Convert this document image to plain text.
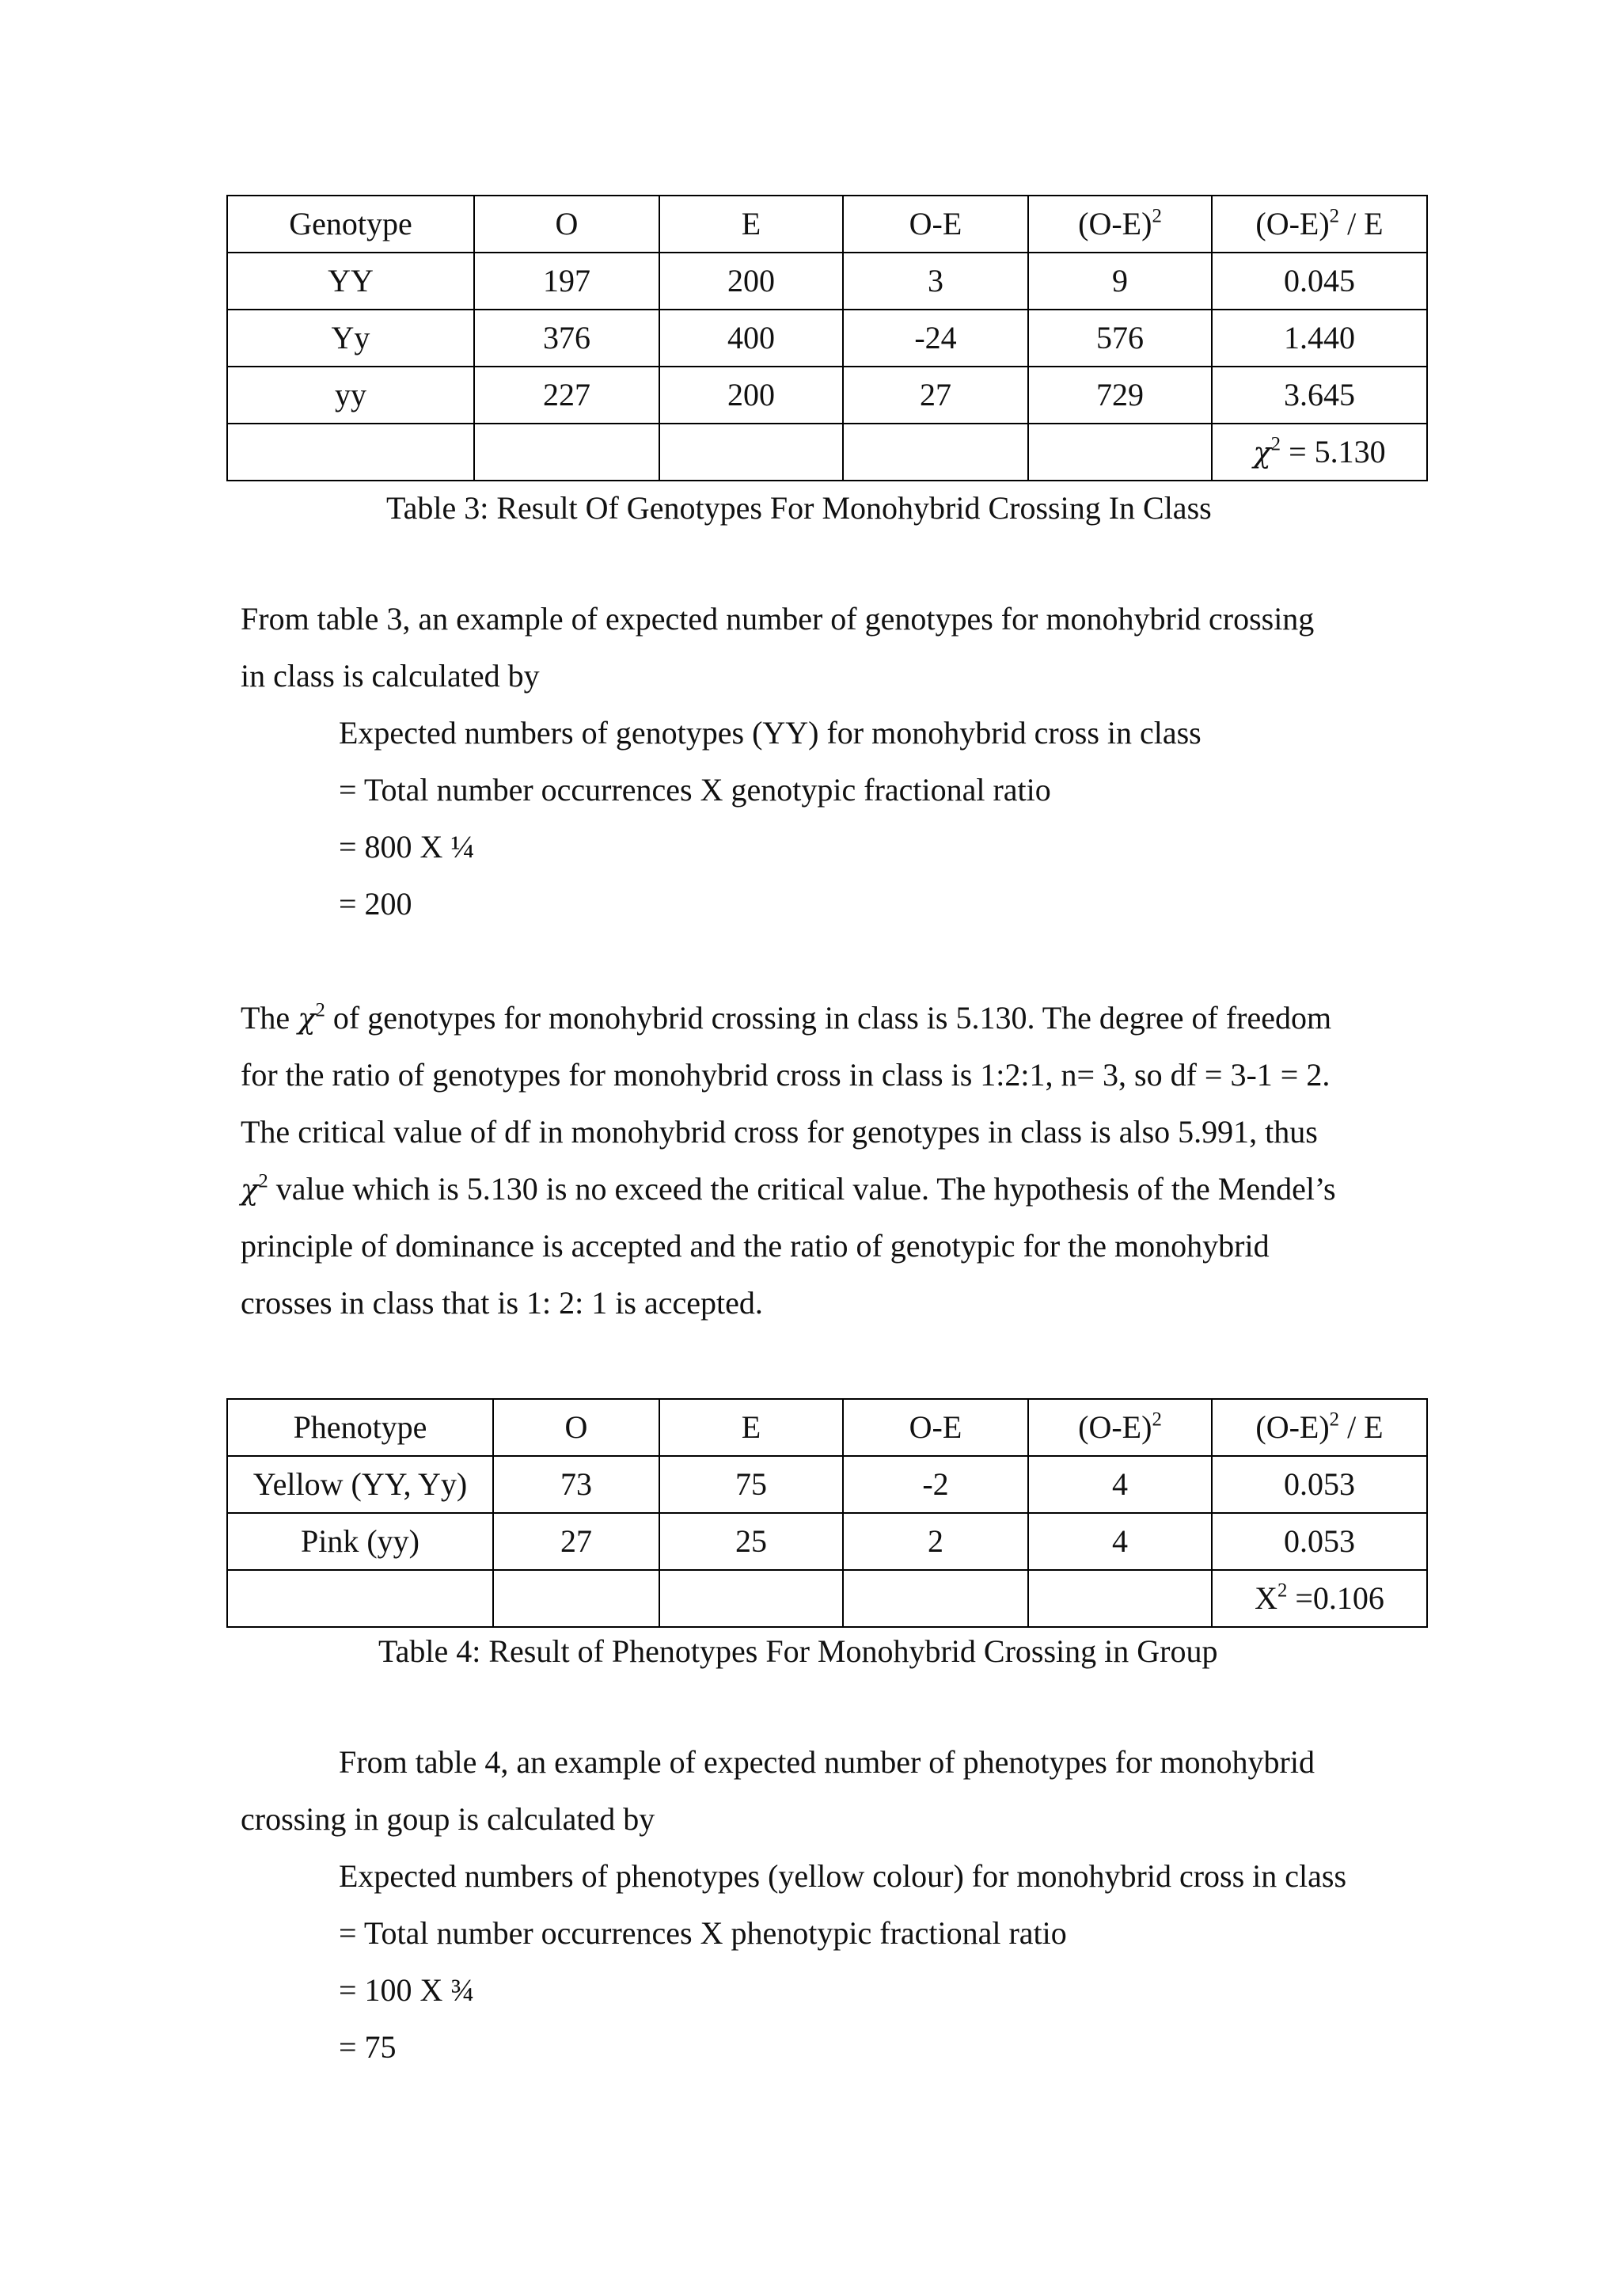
Genotype	O	E	O-E	$(O-E)^2$	$(O-E)^2$ / E
YY	197	200	3	9	0.045
Yy	376	400	-24	576	1.440
yy	227	200	27	729	3.645
					$\chi^2 = 5.130$
Table 3: Result Of Genotypes For Monohybrid Crossing In Class
From table 3, an example of expected number of genotypes for monohybrid crossing
in class is calculated by
Expected numbers of genotypes (YY) for monohybrid cross in class
= Total number occurrences X genotypic fractional ratio
= 800 X ¼
= 200
The $\chi^2$ of genotypes for monohybrid crossing in class is 5.130. The degree of freedom
for the ratio of genotypes for monohybrid cross in class is 1:2:1, n= 3, so df = 3-1 = 2.
The critical value of df in monohybrid cross for genotypes in class is also 5.991, thus
$\chi^2$ value which is 5.130 is no exceed the critical value. The hypothesis of the Mendel’s
principle of dominance is accepted and the ratio of genotypic for the monohybrid
crosses in class that is 1: 2: 1 is accepted.
Phenotype	O	E	O-E	$(O-E)^2$	$(O-E)^2$ / E
Yellow (YY, Yy)	73	75	-2	4	0.053
Pink (yy)	27	25	2	4	0.053
					$X^2 =0.106$
Table 4: Result of Phenotypes For Monohybrid Crossing in Group
From table 4, an example of expected number of phenotypes for monohybrid
crossing in goup is calculated by
Expected numbers of phenotypes (yellow colour) for monohybrid cross in class
= Total number occurrences X phenotypic fractional ratio
= 100 X ¾
= 75
